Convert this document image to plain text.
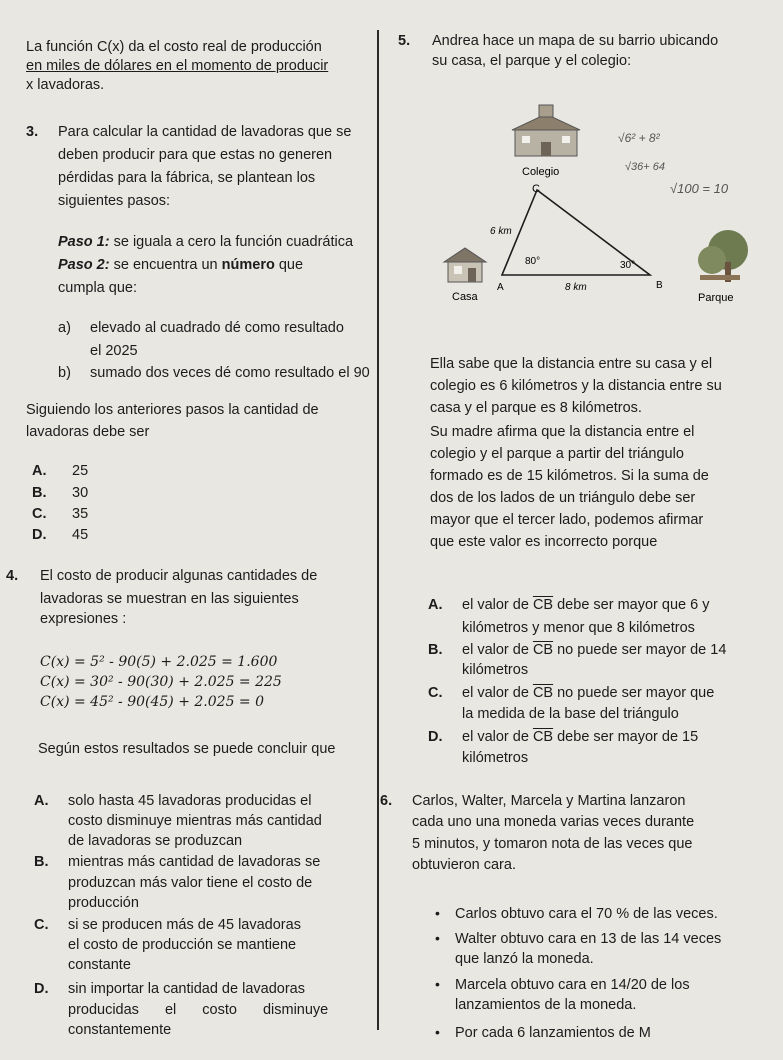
La función C(x) da el costo real de producción
en miles de dólares en el momento de producir
x lavadoras.
3. Para calcular la cantidad de lavadoras que se
deben producir para que estas no generen
pérdidas para la fábrica, se plantean los
siguientes pasos:
Paso 1: se iguala a cero la función cuadrática
Paso 2: se encuentra un número que
cumpla que:
a) elevado al cuadrado dé como resultado
el 2025
b) sumado dos veces dé como resultado el 90
Siguiendo los anteriores pasos la cantidad de
lavadoras debe ser
A. 25
B. 30
C. 35
D. 45
4. El costo de producir algunas cantidades de
lavadoras se muestran en las siguientes
expresiones :
C(x) = 5² - 90(5) + 2.025 = 1.600
C(x) = 30² - 90(30) + 2.025 = 225
C(x) = 45² - 90(45) + 2.025 = 0
Según estos resultados se puede concluir que
A. solo hasta 45 lavadoras producidas el
costo disminuye mientras más cantidad
de lavadoras se produzcan
B. mientras más cantidad de lavadoras se
produzcan más valor tiene el costo de
producción
C. si se producen más de 45 lavadoras
el costo de producción se mantiene
constante
D. sin importar la cantidad de lavadoras
producidas el costo disminuye
constantemente
5. Andrea hace un mapa de su barrio ubicando
su casa, el parque y el colegio:
Colegio
C
Casa	Parque
A	B
6 km
8 km
80°	30°
√6² + 8²
√36+ 64
√100 = 10
Ella sabe que la distancia entre su casa y el
colegio es 6 kilómetros y la distancia entre su
casa y el parque es 8 kilómetros.
Su madre afirma que la distancia entre el
colegio y el parque a partir del triángulo
formado es de 15 kilómetros. Si la suma de
dos de los lados de un triángulo debe ser
mayor que el tercer lado, podemos afirmar
que este valor es incorrecto porque
A. el valor de $\overline{CB}$ debe ser mayor que 6 y
kilómetros y menor que 8 kilómetros
B. el valor de $\overline{CB}$ no puede ser mayor de 14
kilómetros
C. el valor de $\overline{CB}$ no puede ser mayor que
la medida de la base del triángulo
D. el valor de $\overline{CB}$ debe ser mayor de 15
kilómetros
6. Carlos, Walter, Marcela y Martina lanzaron
cada uno una moneda varias veces durante
5 minutos, y tomaron nota de las veces que
obtuvieron cara.
• Carlos obtuvo cara el 70 % de las veces.
• Walter obtuvo cara en 13 de las 14 veces
que lanzó la moneda.
• Marcela obtuvo cara en 14/20 de los
lanzamientos de la moneda.
• Por cada 6 lanzamientos de M
